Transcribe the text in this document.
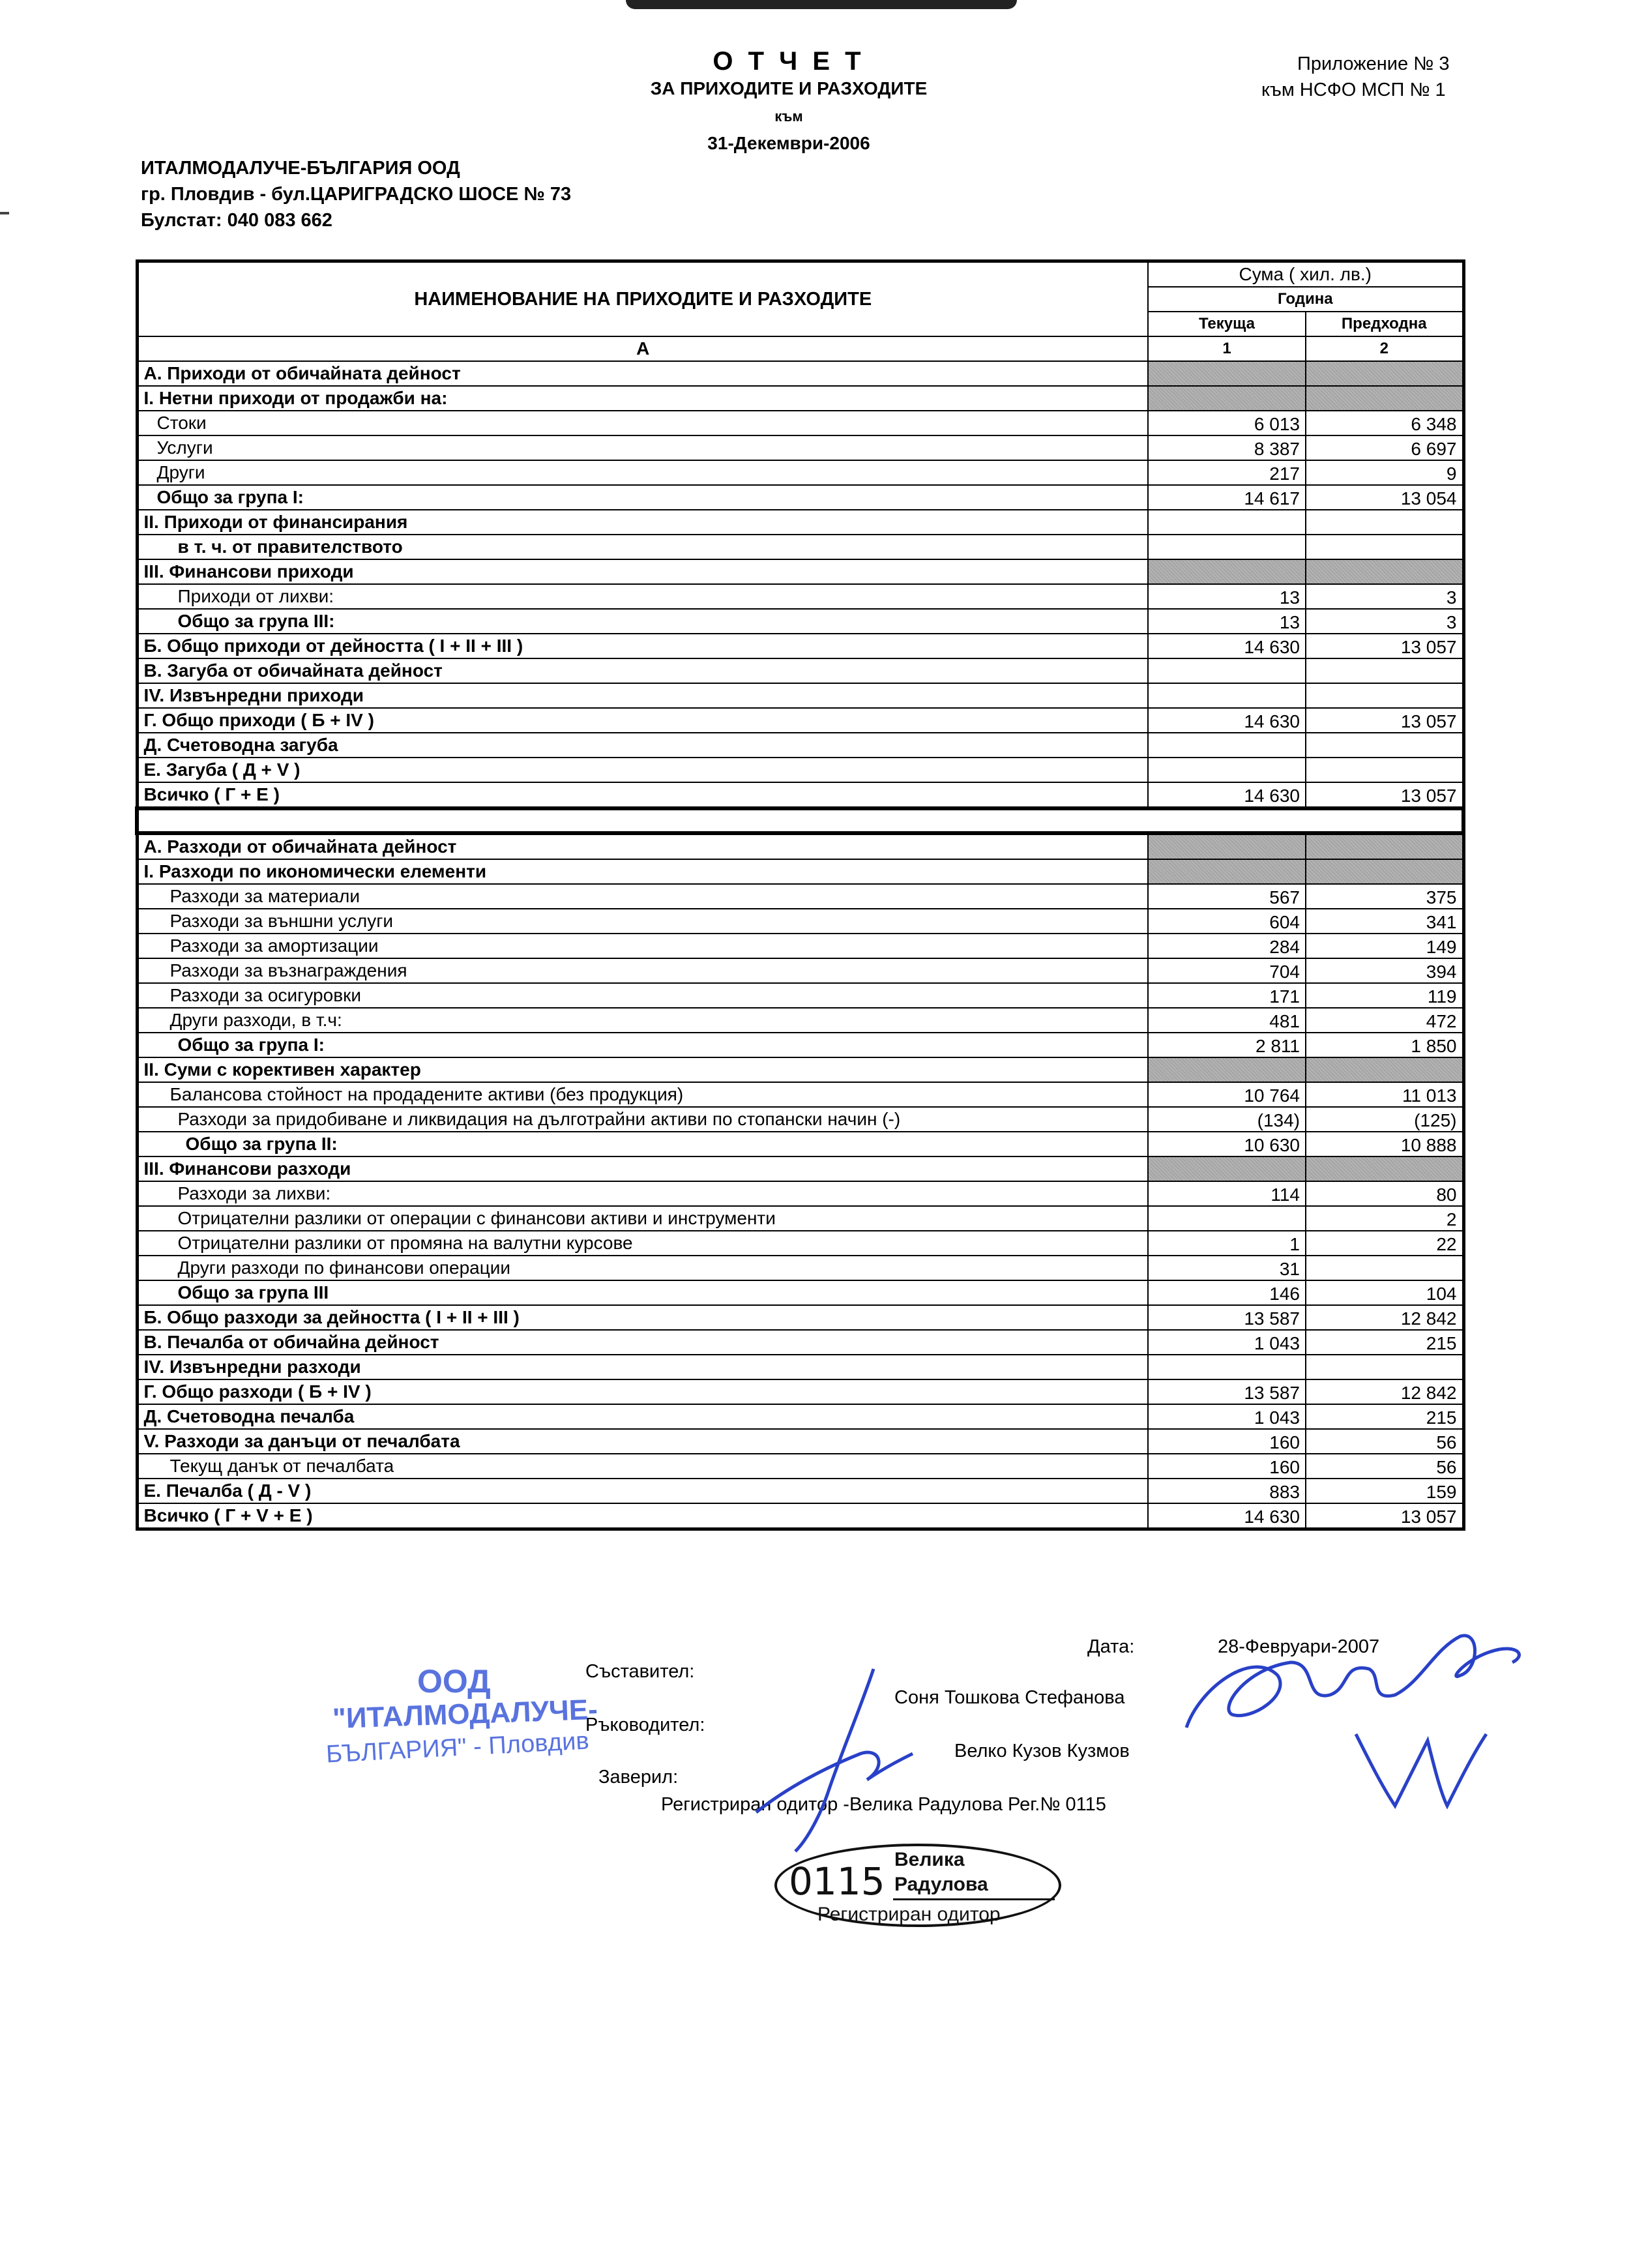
О Т Ч Е Т
ЗА ПРИХОДИТЕ И РАЗХОДИТЕ
към
31-Декември-2006
Приложение № 3
към НСФО МСП № 1
ИТАЛМОДАЛУЧЕ-БЪЛГАРИЯ ООД
гр. Пловдив - бул.ЦАРИГРАДСКО ШОСЕ № 73
Булстат: 040 083 662
НАИМЕНОВАНИЕ НА ПРИХОДИТЕ И РАЗХОДИТЕ	Сума ( хил. лв.)	
	Година	
	Текуща	Предходна
А	1	2
А. Приходи от обичайната дейност		
І. Нетни приходи от продажби на:		
Стоки	6 013	6 348
Услуги	8 387	6 697
Други	217	9
Общо за група І:	14 617	13 054
ІІ. Приходи от финансирания		
в т. ч. от правителството		
ІІІ. Финансови приходи		
Приходи от лихви:	13	3
Общо за група ІІІ:	13	3
Б. Общо приходи от дейността ( І + ІІ + ІІІ )	14 630	13 057
В. Загуба от обичайната дейност		
ІV. Извънредни приходи		
Г. Общо приходи ( Б + ІV )	14 630	13 057
Д. Счетоводна загуба		
Е. Загуба ( Д + V )		
Всичко ( Г + Е )	14 630	13 057

А. Разходи от обичайната дейност		
І. Разходи по икономически елементи		
Разходи за материали	567	375
Разходи за външни услуги	604	341
Разходи за амортизации	284	149
Разходи за възнаграждения	704	394
Разходи за осигуровки	171	119
Други разходи, в т.ч:	481	472
Общо за група І:	2 811	1 850
ІІ. Суми с корективен характер		
Балансова стойност на продадените активи (без продукция)	10 764	11 013
Разходи за придобиване и ликвидация на дълготрайни активи по стопански начин (-)	(134)	(125)
Общо за група ІІ:	10 630	10 888
ІІІ. Финансови разходи		
Разходи за лихви:	114	80
Отрицателни разлики от операции с финансови активи и инструменти		2
Отрицателни разлики от промяна на валутни курсове	1	22
Други разходи по финансови операции	31	
Общо за група ІІІ	146	104
Б. Общо разходи за дейността ( І + ІІ + ІІІ )	13 587	12 842
В. Печалба от обичайна дейност	1 043	215
ІV. Извънредни разходи		
Г. Общо разходи ( Б + ІV )	13 587	12 842
Д. Счетоводна печалба	1 043	215
V. Разходи за данъци от печалбата	160	56
Текущ данък от печалбата	160	56
Е. Печалба ( Д - V )	883	159
Всичко ( Г + V + Е )	14 630	13 057
Дата:	28-Февруари-2007
Съставител:
Соня Тошкова Стефанова
Ръководител:
Велко Кузов Кузмов
Заверил:
Регистриран одитор -Велика Радулова Рег.№ 0115
ООД
"ИТАЛМОДАЛУЧЕ-
БЪЛГАРИЯ" - Пловдив
0115 Велика
Радулова
Регистриран одитор
